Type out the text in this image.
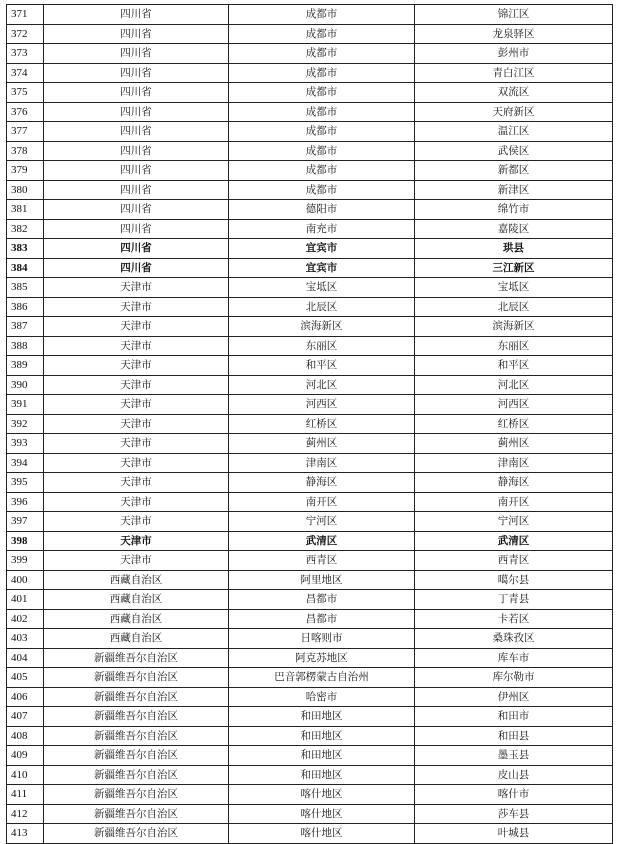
371	四川省	成都市	锦江区
372	四川省	成都市	龙泉驿区
373	四川省	成都市	彭州市
374	四川省	成都市	青白江区
375	四川省	成都市	双流区
376	四川省	成都市	天府新区
377	四川省	成都市	温江区
378	四川省	成都市	武侯区
379	四川省	成都市	新都区
380	四川省	成都市	新津区
381	四川省	德阳市	绵竹市
382	四川省	南充市	嘉陵区
383	四川省	宜宾市	珙县
384	四川省	宜宾市	三江新区
385	天津市	宝坻区	宝坻区
386	天津市	北辰区	北辰区
387	天津市	滨海新区	滨海新区
388	天津市	东丽区	东丽区
389	天津市	和平区	和平区
390	天津市	河北区	河北区
391	天津市	河西区	河西区
392	天津市	红桥区	红桥区
393	天津市	蓟州区	蓟州区
394	天津市	津南区	津南区
395	天津市	静海区	静海区
396	天津市	南开区	南开区
397	天津市	宁河区	宁河区
398	天津市	武清区	武清区
399	天津市	西青区	西青区
400	西藏自治区	阿里地区	噶尔县
401	西藏自治区	昌都市	丁青县
402	西藏自治区	昌都市	卡若区
403	西藏自治区	日喀则市	桑珠孜区
404	新疆维吾尔自治区	阿克苏地区	库车市
405	新疆维吾尔自治区	巴音郭楞蒙古自治州	库尔勒市
406	新疆维吾尔自治区	哈密市	伊州区
407	新疆维吾尔自治区	和田地区	和田市
408	新疆维吾尔自治区	和田地区	和田县
409	新疆维吾尔自治区	和田地区	墨玉县
410	新疆维吾尔自治区	和田地区	皮山县
411	新疆维吾尔自治区	喀什地区	喀什市
412	新疆维吾尔自治区	喀什地区	莎车县
413	新疆维吾尔自治区	喀什地区	叶城县
